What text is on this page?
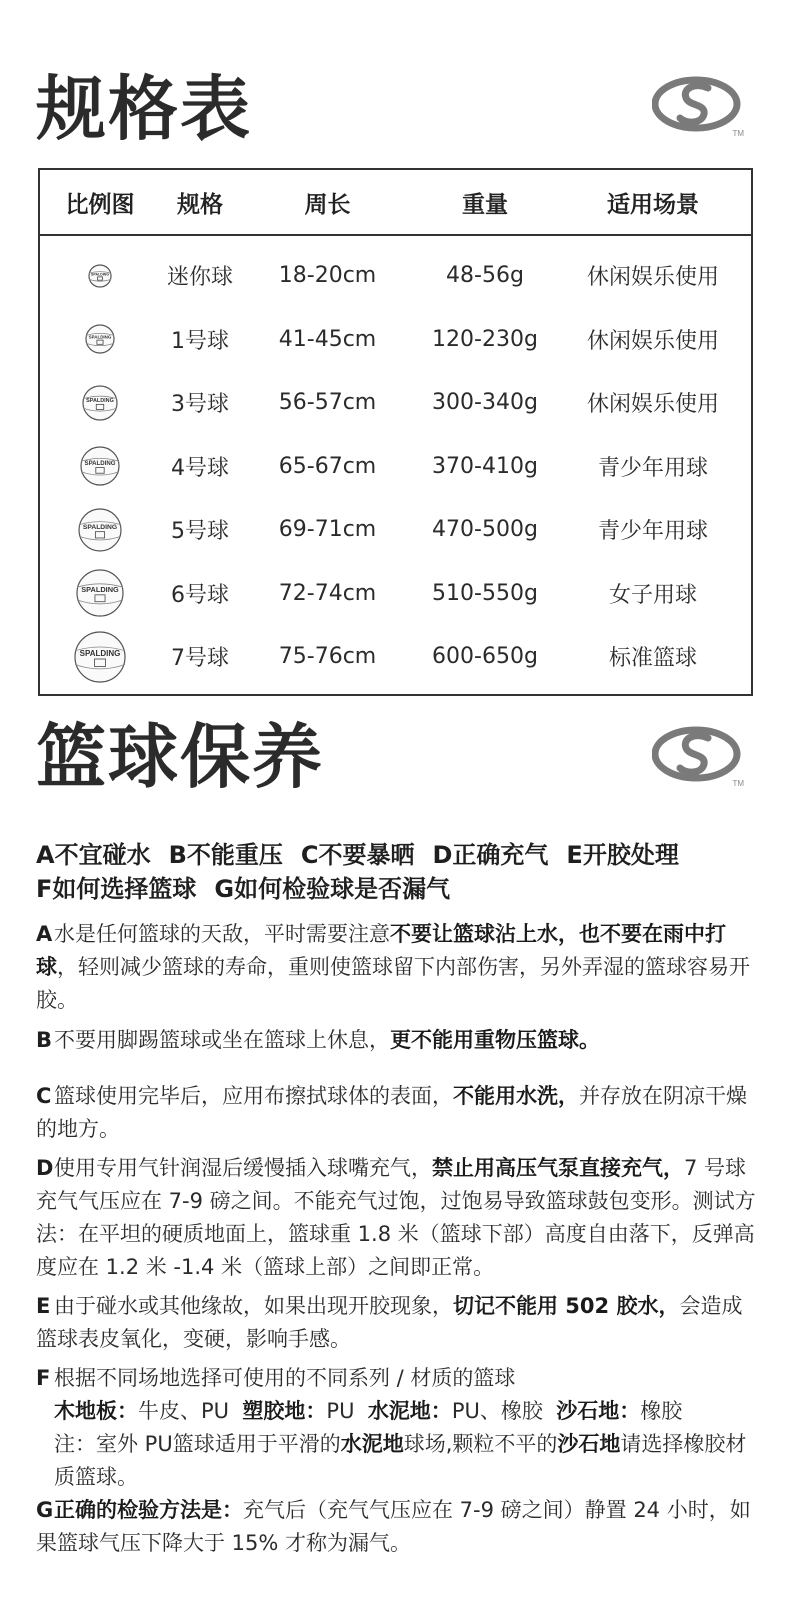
规格表	TM
比例图	规格	周长	重量	适用场景
SPALDING	迷你球	18-20cm	48-56g	休闲娱乐使用
SPALDING	1号球	41-45cm	120-230g	休闲娱乐使用
SPALDING	3号球	56-57cm	300-340g	休闲娱乐使用
SPALDING	4号球	65-67cm	370-410g	青少年用球
SPALDING	5号球	69-71cm	470-500g	青少年用球
SPALDING	6号球	72-74cm	510-550g	女子用球
SPALDING	7号球	75-76cm	600-650g	标准篮球
篮球保养	TM
A不宜碰水 B不能重压 C不要暴晒 D正确充气 E开胶处理
F如何选择篮球 G如何检验球是否漏气
A水是任何篮球的天敌，平时需要注意不要让篮球沾上水，也不要在雨中打球，轻则减少篮球的寿命，重则使篮球留下内部伤害，另外弄湿的篮球容易开胶。
B不要用脚踢篮球或坐在篮球上休息，更不能用重物压篮球。
C 篮球使用完毕后，应用布擦拭球体的表面，不能用水洗，并存放在阴凉干燥的地方。
D使用专用气针润湿后缓慢插入球嘴充气，禁止用高压气泵直接充气，7 号球充气气压应在 7-9 磅之间。不能充气过饱，过饱易导致篮球鼓包变形。测试方法：在平坦的硬质地面上，篮球重 1.8 米（篮球下部）高度自由落下，反弹高度应在 1.2 米 -1.4 米（篮球上部）之间即正常。
E 由于碰水或其他缘故，如果出现开胶现象，切记不能用 502 胶水，会造成篮球表皮氧化，变硬，影响手感。
F 根据不同场地选择可使用的不同系列 / 材质的篮球
木地板：牛皮、PU 塑胶地：PU 水泥地：PU、橡胶 沙石地：橡胶
注：室外 PU篮球适用于平滑的水泥地球场,颗粒不平的沙石地请选择橡胶材质篮球。
G正确的检验方法是：充气后（充气气压应在 7-9 磅之间）静置 24 小时，如果篮球气压下降大于 15% 才称为漏气。
